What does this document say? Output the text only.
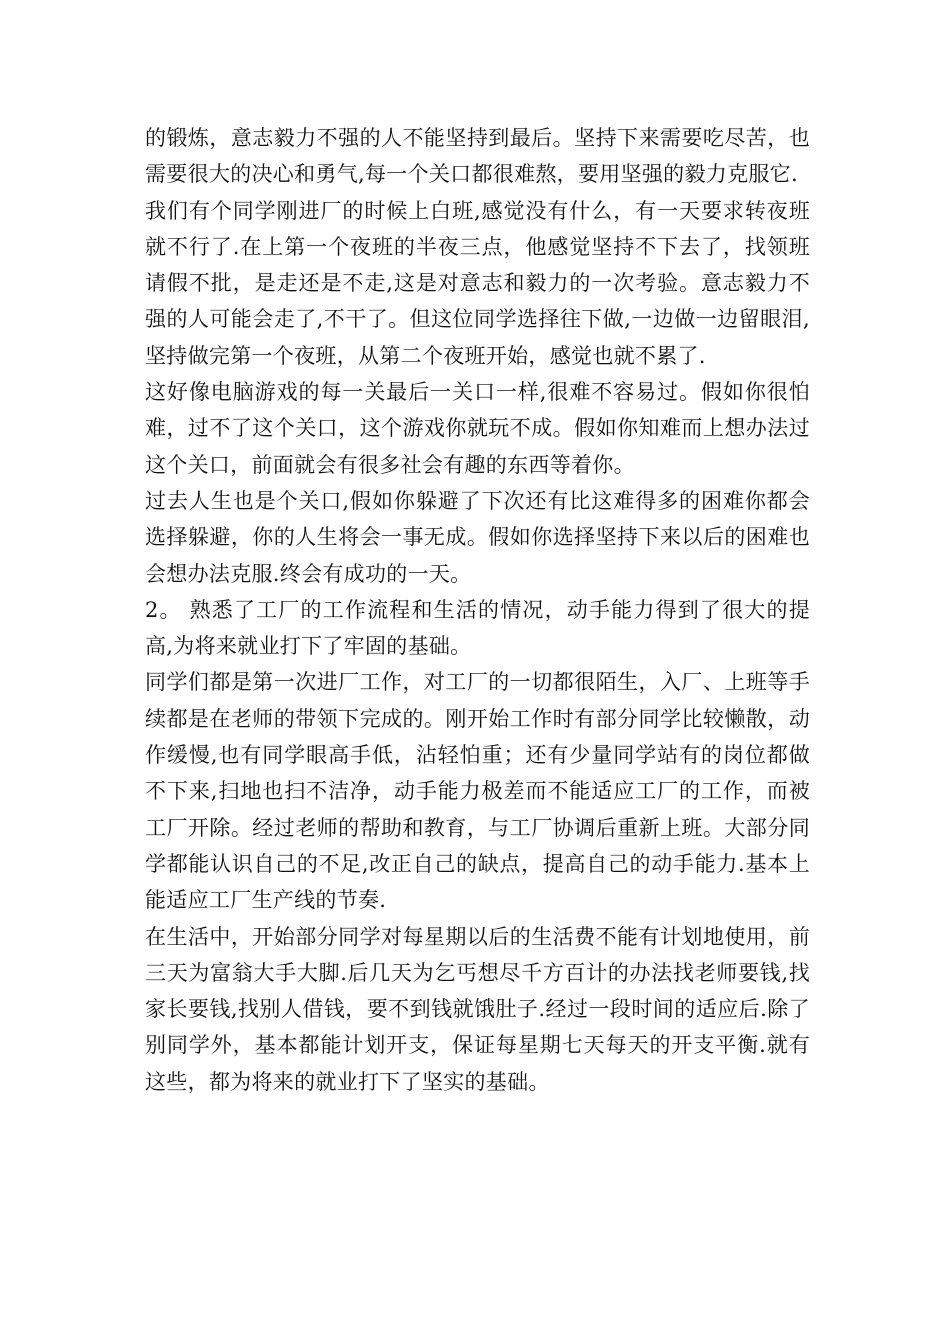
的锻炼，意志毅力不强的人不能坚持到最后。坚持下来需要吃尽苦，也需要很大的决心和勇气,每一个关口都很难熬，要用坚强的毅力克服它.

我们有个同学刚进厂的时候上白班,感觉没有什么，有一天要求转夜班就不行了.在上第一个夜班的半夜三点，他感觉坚持不下去了，找领班请假不批，是走还是不走,这是对意志和毅力的一次考验。意志毅力不强的人可能会走了,不干了。但这位同学选择往下做,一边做一边留眼泪,坚持做完第一个夜班，从第二个夜班开始，感觉也就不累了.

这好像电脑游戏的每一关最后一关口一样,很难不容易过。假如你很怕难，过不了这个关口，这个游戏你就玩不成。假如你知难而上想办法过这个关口，前面就会有很多社会有趣的东西等着你。

过去人生也是个关口,假如你躲避了下次还有比这难得多的困难你都会选择躲避，你的人生将会一事无成。假如你选择坚持下来以后的困难也会想办法克服.终会有成功的一天。

2。 熟悉了工厂的工作流程和生活的情况，动手能力得到了很大的提高,为将来就业打下了牢固的基础。

同学们都是第一次进厂工作，对工厂的一切都很陌生，入厂、上班等手续都是在老师的带领下完成的。刚开始工作时有部分同学比较懒散，动作缓慢,也有同学眼高手低，沾轻怕重；还有少量同学站有的岗位都做不下来,扫地也扫不洁净，动手能力极差而不能适应工厂的工作，而被工厂开除。经过老师的帮助和教育，与工厂协调后重新上班。大部分同学都能认识自己的不足,改正自己的缺点，提高自己的动手能力.基本上能适应工厂生产线的节奏.

在生活中，开始部分同学对每星期以后的生活费不能有计划地使用，前三天为富翁大手大脚.后几天为乞丐想尽千方百计的办法找老师要钱,找家长要钱,找别人借钱，要不到钱就饿肚子.经过一段时间的适应后.除了别同学外，基本都能计划开支，保证每星期七天每天的开支平衡.就有这些，都为将来的就业打下了坚实的基础。
